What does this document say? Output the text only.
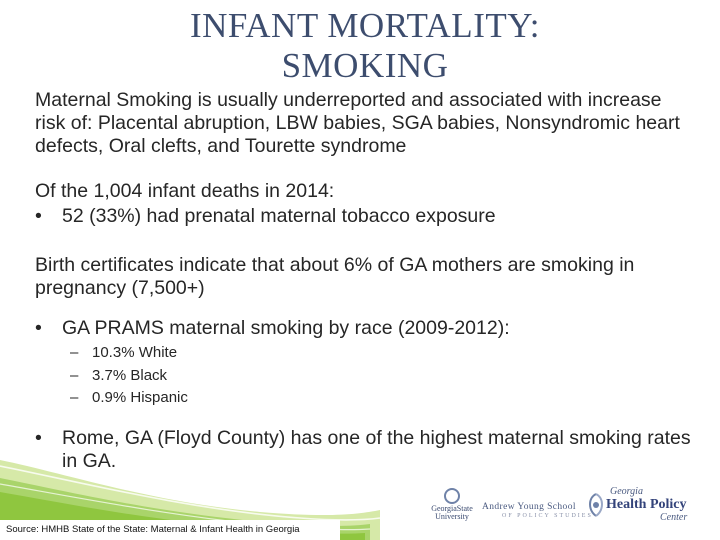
INFANT MORTALITY:
SMOKING
Maternal Smoking is usually underreported and associated with increase risk of: Placental abruption, LBW babies, SGA babies, Nonsyndromic heart defects, Oral clefts, and Tourette syndrome
Of the 1,004 infant deaths in 2014:
•	52 (33%) had prenatal maternal tobacco exposure
Birth certificates indicate that about 6% of GA mothers are smoking in pregnancy (7,500+)
•	GA PRAMS maternal smoking by race (2009-2012):
– 10.3% White
– 3.7% Black
– 0.9% Hispanic
•	Rome, GA (Floyd County) has one of the highest maternal smoking rates in GA.
Source: HMHB State of the State: Maternal & Infant Health in Georgia
GeorgiaState University
Andrew Young School
OF POLICY STUDIES
Georgia
Health Policy
Center
